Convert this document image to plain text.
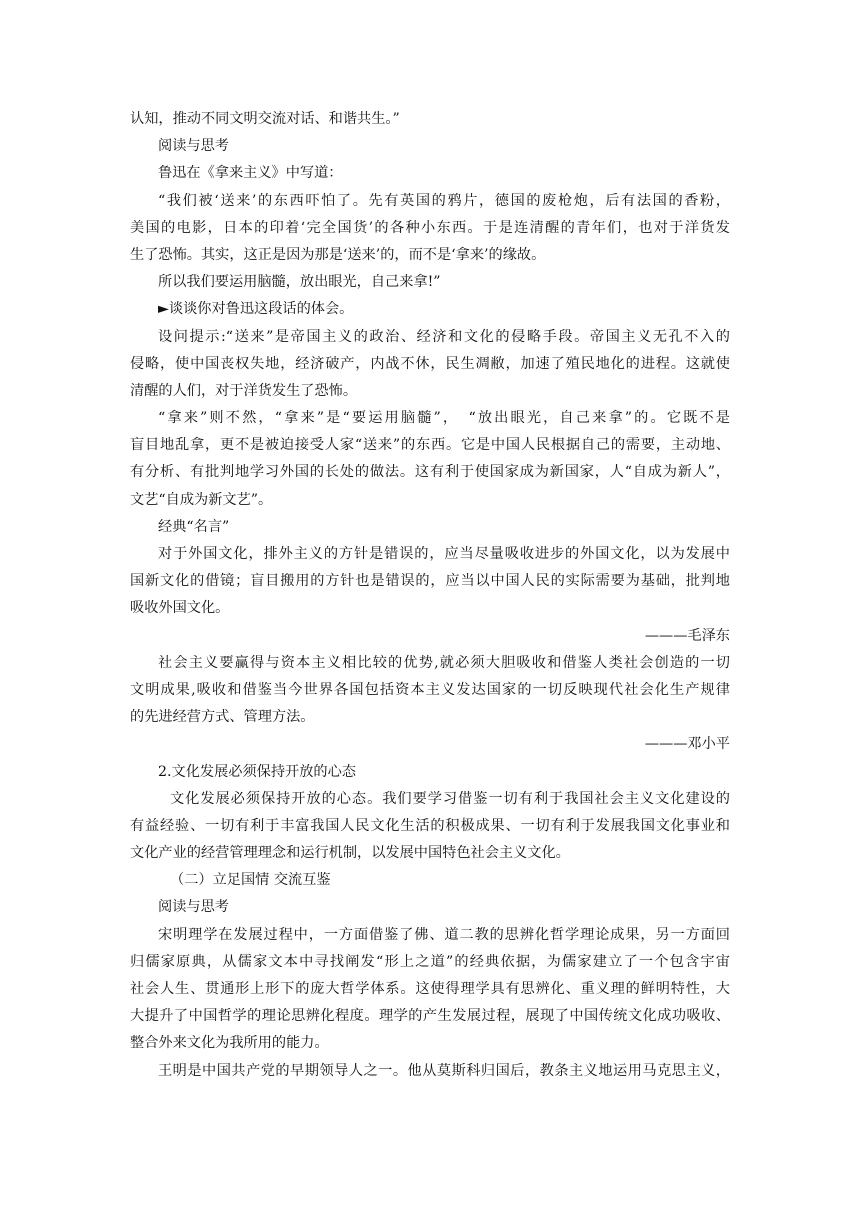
认知，推动不同文明交流对话、和谐共生。”
阅读与思考
鲁迅在《拿来主义》中写道：
“我们被‘送来’的东西吓怕了。先有英国的鸦片，德国的废枪炮，后有法国的香粉，
美国的电影，日本的印着‘完全国货’的各种小东西。于是连清醒的青年们，也对于洋货发
生了恐怖。其实，这正是因为那是‘送来’的，而不是‘拿来’的缘故。
所以我们要运用脑髓，放出眼光，自己来拿!”
►谈谈你对鲁迅这段话的体会。
设问提示:“送来”是帝国主义的政治、经济和文化的侵略手段。帝国主义无孔不入的
侵略，使中国丧权失地，经济破产，内战不休，民生凋敝，加速了殖民地化的进程。这就使
清醒的人们，对于洋货发生了恐怖。
“拿来”则不然，“拿来”是“要运用脑髓”，　“放出眼光，自己来拿”的。它既不是
盲目地乱拿，更不是被迫接受人家“送来”的东西。它是中国人民根据自己的需要，主动地、
有分析、有批判地学习外国的长处的做法。这有利于使国家成为新国家，人“自成为新人”，
文艺“自成为新文艺”。
经典“名言”
对于外国文化，排外主义的方针是错误的，应当尽量吸收进步的外国文化，以为发展中
国新文化的借镜；盲目搬用的方针也是错误的，应当以中国人民的实际需要为基础，批判地
吸收外国文化。
———毛泽东
社会主义要赢得与资本主义相比较的优势,就必须大胆吸收和借鉴人类社会创造的一切
文明成果,吸收和借鉴当今世界各国包括资本主义发达国家的一切反映现代社会化生产规律
的先进经营方式、管理方法。
———邓小平
2.文化发展必须保持开放的心态
文化发展必须保持开放的心态。我们要学习借鉴一切有利于我国社会主义文化建设的
有益经验、一切有利于丰富我国人民文化生活的积极成果、一切有利于发展我国文化事业和
文化产业的经营管理理念和运行机制，以发展中国特色社会主义文化。
（二）立足国情 交流互鉴
阅读与思考
宋明理学在发展过程中，一方面借鉴了佛、道二教的思辨化哲学理论成果，另一方面回
归儒家原典，从儒家文本中寻找阐发“形上之道”的经典依据，为儒家建立了一个包含宇宙
社会人生、贯通形上形下的庞大哲学体系。这使得理学具有思辨化、重义理的鲜明特性，大
大提升了中国哲学的理论思辨化程度。理学的产生发展过程，展现了中国传统文化成功吸收、
整合外来文化为我所用的能力。
王明是中国共产党的早期领导人之一。他从莫斯科归国后，教条主义地运用马克思主义，
